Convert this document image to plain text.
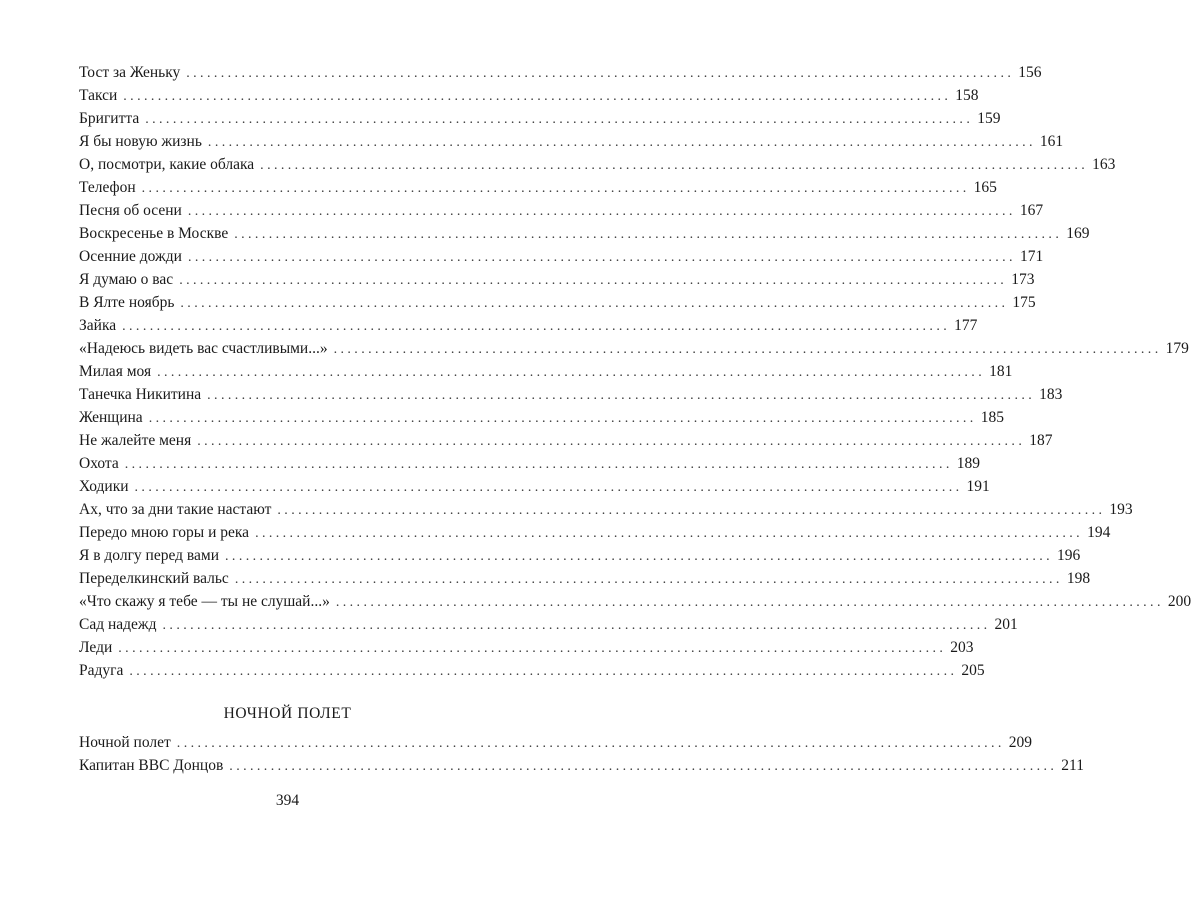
Тост за Женьку ........................................................................................................................ 156
Такси ........................................................................................................................ 158
Бригитта ........................................................................................................................ 159
Я бы новую жизнь ........................................................................................................................ 161
О, посмотри, какие облака ........................................................................................................................ 163
Телефон ........................................................................................................................ 165
Песня об осени ........................................................................................................................ 167
Воскресенье в Москве ........................................................................................................................ 169
Осенние дожди ........................................................................................................................ 171
Я думаю о вас ........................................................................................................................ 173
В Ялте ноябрь ........................................................................................................................ 175
Зайка ........................................................................................................................ 177
«Надеюсь видеть вас счастливыми...» ........................................................................................................................ 179
Милая моя ........................................................................................................................ 181
Танечка Никитина ........................................................................................................................ 183
Женщина ........................................................................................................................ 185
Не жалейте меня ........................................................................................................................ 187
Охота ........................................................................................................................ 189
Ходики ........................................................................................................................ 191
Ах, что за дни такие настают ........................................................................................................................ 193
Передо мною горы и река ........................................................................................................................ 194
Я в долгу перед вами ........................................................................................................................ 196
Переделкинский вальс ........................................................................................................................ 198
«Что скажу я тебе — ты не слушай...» ........................................................................................................................ 200
Сад надежд ........................................................................................................................ 201
Леди ........................................................................................................................ 203
Радуга ........................................................................................................................ 205
НОЧНОЙ ПОЛЕТ
Ночной полет ........................................................................................................................ 209
Капитан ВВС Донцов ........................................................................................................................ 211
394
